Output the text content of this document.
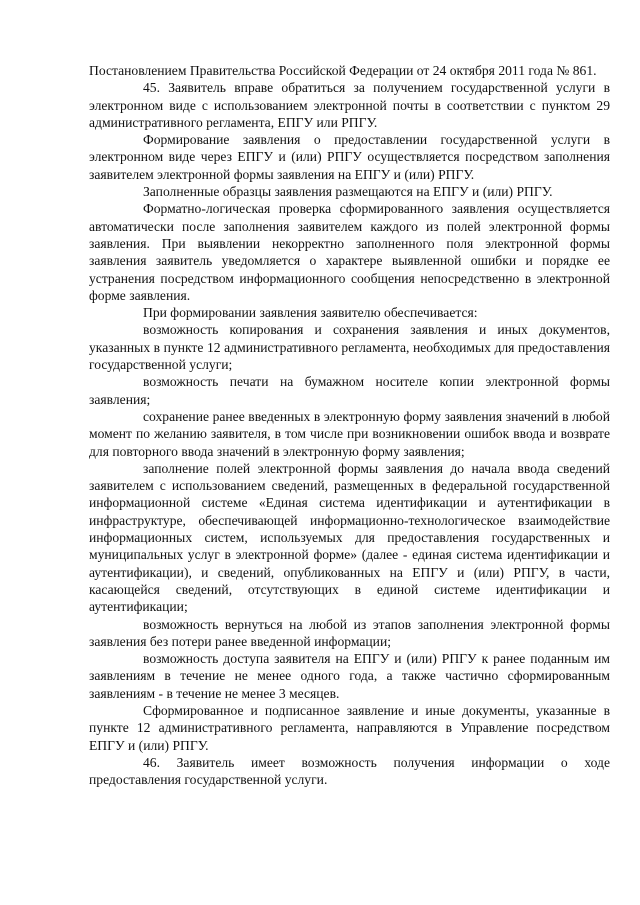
Постановлением Правительства Российской Федерации от 24 октября 2011 года № 861.

45. Заявитель вправе обратиться за получением государственной услуги в электронном виде с использованием электронной почты в соответствии с пунктом 29 административного регламента, ЕПГУ или РПГУ.

Формирование заявления о предоставлении государственной услуги в электронном виде через ЕПГУ и (или) РПГУ осуществляется посредством заполнения заявителем электронной формы заявления на ЕПГУ и (или) РПГУ.

Заполненные образцы заявления размещаются на ЕПГУ и (или) РПГУ.

Форматно-логическая проверка сформированного заявления осуществляется автоматически после заполнения заявителем каждого из полей электронной формы заявления. При выявлении некорректно заполненного поля электронной формы заявления заявитель уведомляется о характере выявленной ошибки и порядке ее устранения посредством информационного сообщения непосредственно в электронной форме заявления.

При формировании заявления заявителю обеспечивается:

возможность копирования и сохранения заявления и иных документов, указанных в пункте 12 административного регламента, необходимых для предоставления государственной услуги;

возможность печати на бумажном носителе копии электронной формы заявления;

сохранение ранее введенных в электронную форму заявления значений в любой момент по желанию заявителя, в том числе при возникновении ошибок ввода и возврате для повторного ввода значений в электронную форму заявления;

заполнение полей электронной формы заявления до начала ввода сведений заявителем с использованием сведений, размещенных в федеральной государственной информационной системе «Единая система идентификации и аутентификации в инфраструктуре, обеспечивающей информационно-технологическое взаимодействие информационных систем, используемых для предоставления государственных и муниципальных услуг в электронной форме» (далее - единая система идентификации и аутентификации), и сведений, опубликованных на ЕПГУ и (или) РПГУ, в части, касающейся сведений, отсутствующих в единой системе идентификации и аутентификации;

возможность вернуться на любой из этапов заполнения электронной формы заявления без потери ранее введенной информации;

возможность доступа заявителя на ЕПГУ и (или) РПГУ к ранее поданным им заявлениям в течение не менее одного года, а также частично сформированным заявлениям - в течение не менее 3 месяцев.

Сформированное и подписанное заявление и иные документы, указанные в пункте 12 административного регламента, направляются в Управление посредством ЕПГУ и (или) РПГУ.

46. Заявитель имеет возможность получения информации о ходе предоставления государственной услуги.
